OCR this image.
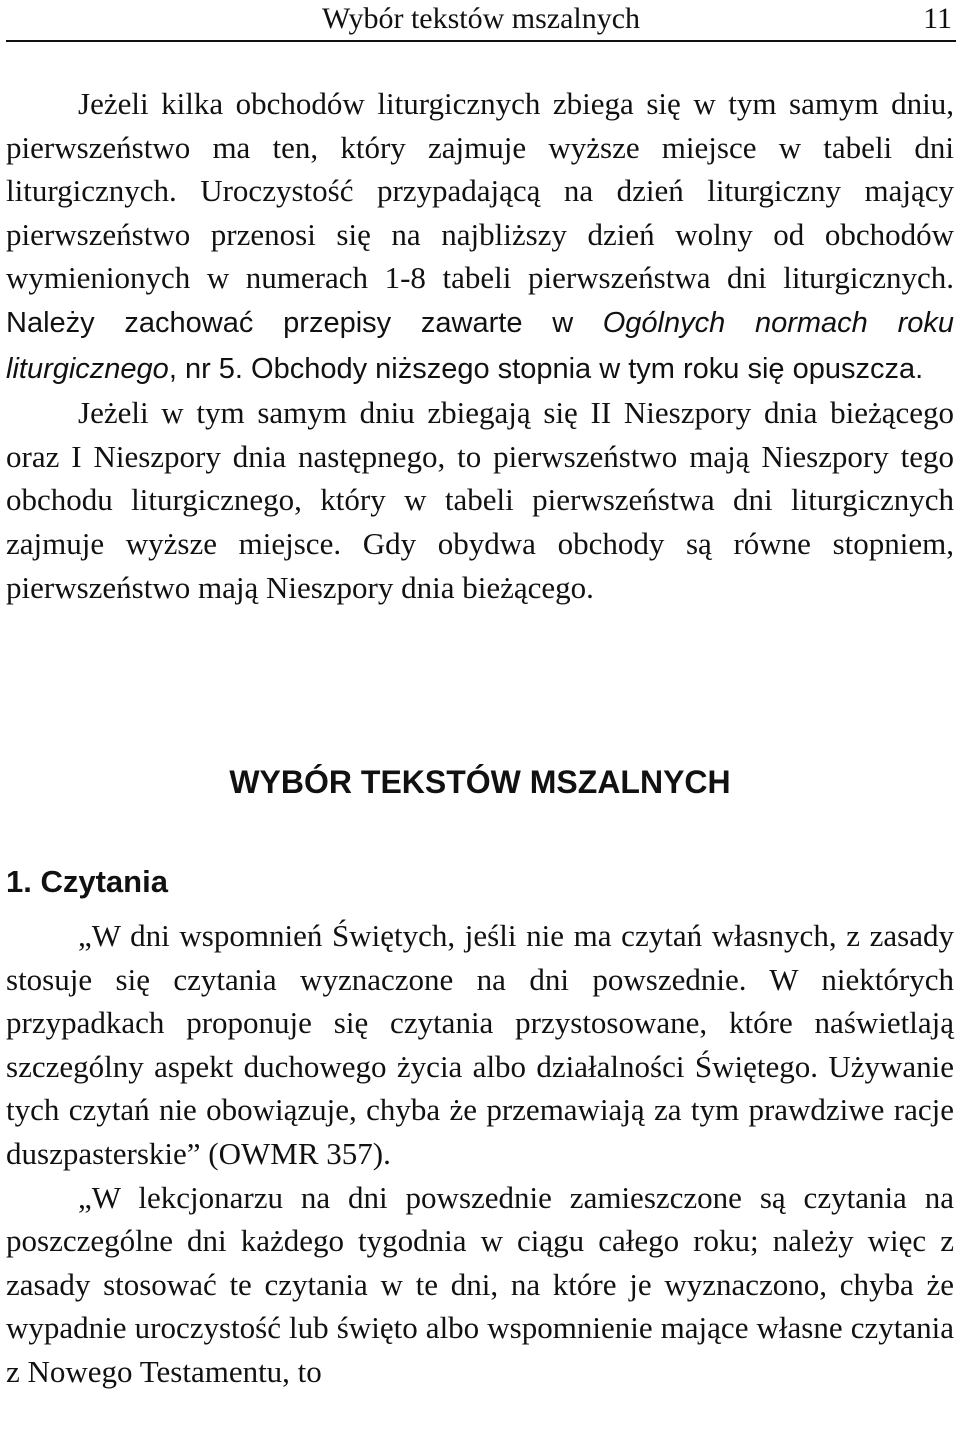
Wybór tekstów mszalnych	11

Jeżeli kilka obchodów liturgicznych zbiega się w tym samym dniu, pierwszeństwo ma ten, który zajmuje wyższe miejsce w tabeli dni liturgicznych. Uroczystość przypadającą na dzień liturgiczny mający pierwszeństwo przenosi się na najbliższy dzień wolny od obchodów wymienionych w numerach 1-8 tabeli pierwszeństwa dni liturgicznych. Należy zachować przepisy zawarte w Ogólnych normach roku liturgicznego, nr 5. Obchody niższego stopnia w tym roku się opuszcza.

Jeżeli w tym samym dniu zbiegają się II Nieszpory dnia bieżącego oraz I Nieszpory dnia następnego, to pierwszeństwo mają Nieszpory tego obchodu liturgicznego, który w tabeli pierwszeństwa dni liturgicznych zajmuje wyższe miejsce. Gdy obydwa obchody są równe stopniem, pierwszeństwo mają Nieszpory dnia bieżącego.

WYBÓR TEKSTÓW MSZALNYCH
1. Czytania

„W dni wspomnień Świętych, jeśli nie ma czytań własnych, z zasady stosuje się czytania wyznaczone na dni powszednie. W niektórych przypadkach proponuje się czytania przystosowane, które naświetlają szczególny aspekt duchowego życia albo działalności Świętego. Używanie tych czytań nie obowiązuje, chyba że przemawiają za tym prawdziwe racje duszpasterskie” (OWMR 357).

„W lekcjonarzu na dni powszednie zamieszczone są czytania na poszczególne dni każdego tygodnia w ciągu całego roku; należy więc z zasady stosować te czytania w te dni, na które je wyznaczono, chyba że wypadnie uroczystość lub święto albo wspomnienie mające własne czytania z Nowego Testamentu, to
